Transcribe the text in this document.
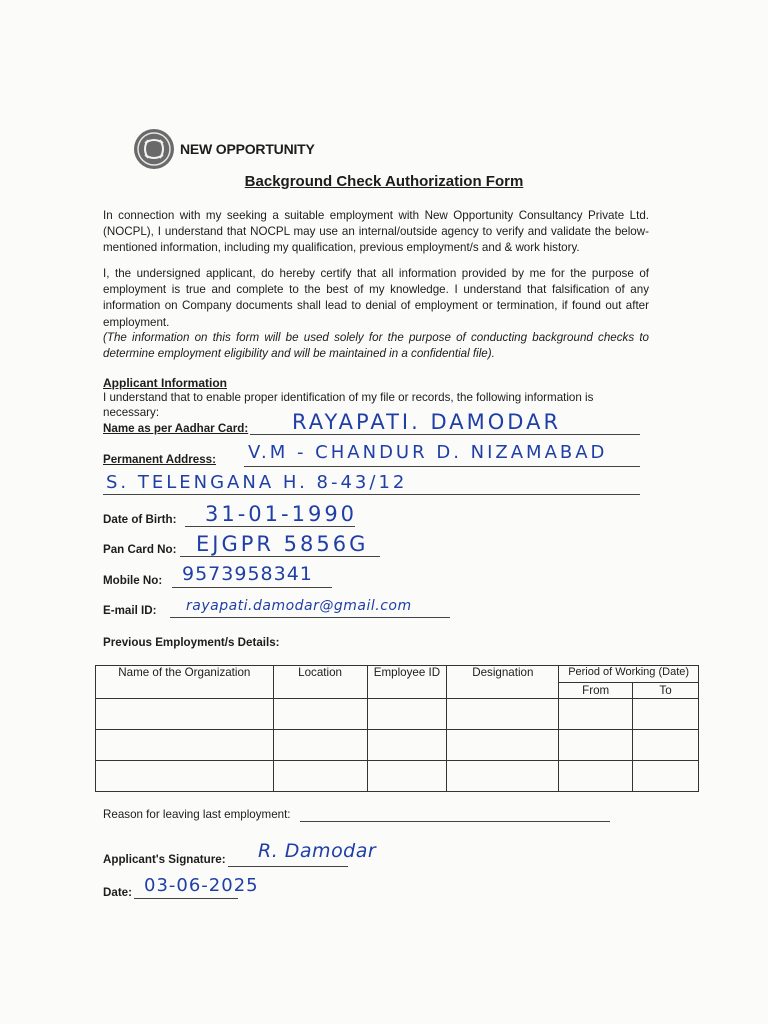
NEW OPPORTUNITY
Background Check Authorization Form
In connection with my seeking a suitable employment with New Opportunity Consultancy Private Ltd. (NOCPL), I understand that NOCPL may use an internal/outside agency to verify and validate the below-mentioned information, including my qualification, previous employment/s and & work history.
I, the undersigned applicant, do hereby certify that all information provided by me for the purpose of employment is true and complete to the best of my knowledge. I understand that falsification of any information on Company documents shall lead to denial of employment or termination, if found out after employment.
(The information on this form will be used solely for the purpose of conducting background checks to determine employment eligibility and will be maintained in a confidential file).
Applicant Information
I understand that to enable proper identification of my file or records, the following information is necessary:
Name as per Aadhar Card: RAYAPATI. DAMODAR
Permanent Address: V.M - CHANDUR D. NIZAMABAD
S. TELENGANA H. 8-43/12
Date of Birth: 31-01-1990
Pan Card No: EJGPR 5856G
Mobile No: 9573958341
E-mail ID: rayapati.damodar@gmail.com
Previous Employment/s Details:
Name of the Organization	Location	Employee ID	Designation	Period of Working (Date)	
				From	To

Reason for leaving last employment:
Applicant's Signature: R. Damodar
Date: 03-06-2025
